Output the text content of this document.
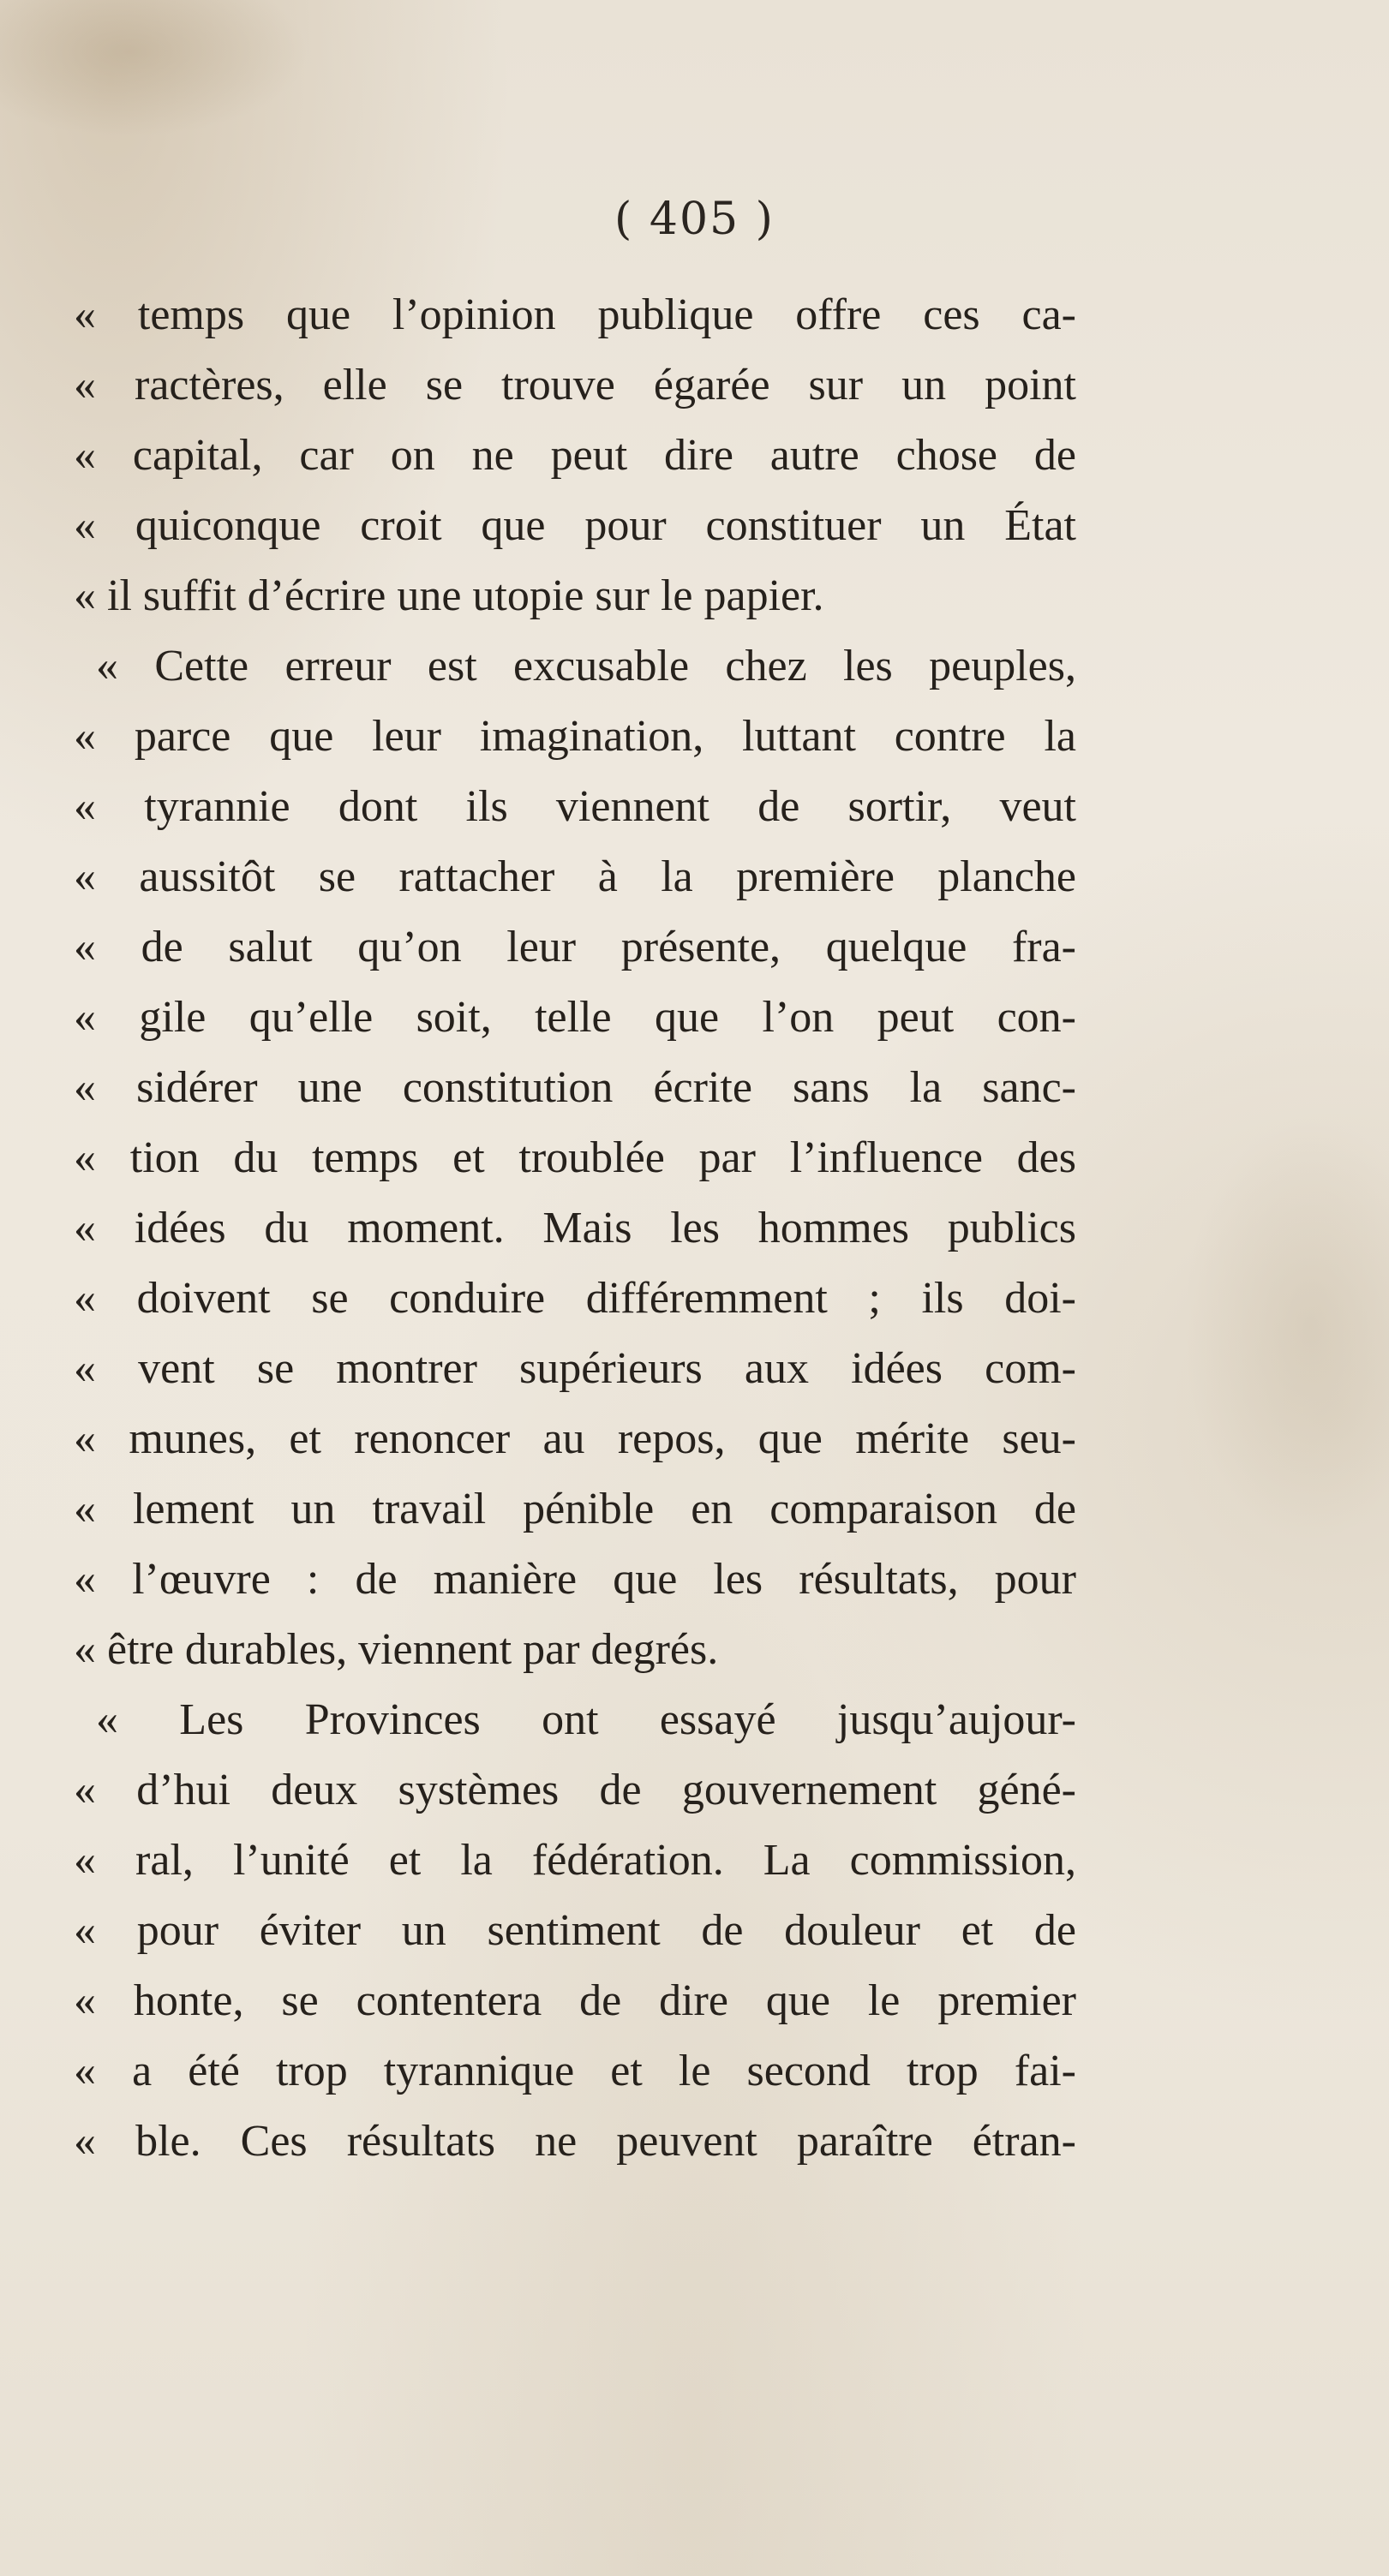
( 405 )
« temps que l’opinion publique offre ces ca-
« ractères, elle se trouve égarée sur un point
« capital, car on ne peut dire autre chose de
« quiconque croit que pour constituer un État
« il suffit d’écrire une utopie sur le papier.
« Cette erreur est excusable chez les peuples,
« parce que leur imagination, luttant contre la
« tyrannie dont ils viennent de sortir, veut
« aussitôt se rattacher à la première planche
« de salut qu’on leur présente, quelque fra-
« gile qu’elle soit, telle que l’on peut con-
« sidérer une constitution écrite sans la sanc-
« tion du temps et troublée par l’influence des
« idées du moment. Mais les hommes publics
« doivent se conduire différemment ; ils doi-
« vent se montrer supérieurs aux idées com-
« munes, et renoncer au repos, que mérite seu-
« lement un travail pénible en comparaison de
« l’œuvre : de manière que les résultats, pour
« être durables, viennent par degrés.
« Les Provinces ont essayé jusqu’aujour-
« d’hui deux systèmes de gouvernement géné-
« ral, l’unité et la fédération. La commission,
« pour éviter un sentiment de douleur et de
« honte, se contentera de dire que le premier
« a été trop tyrannique et le second trop fai-
« ble. Ces résultats ne peuvent paraître étran-
